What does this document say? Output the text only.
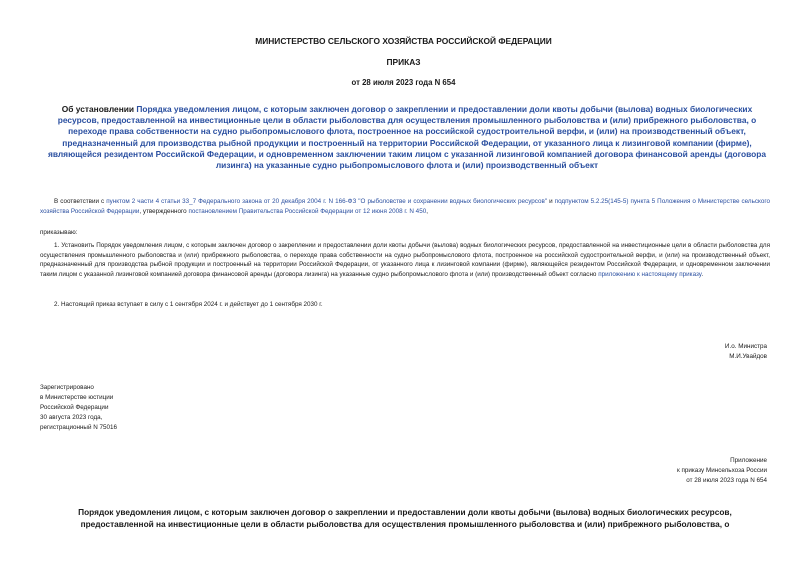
МИНИСТЕРСТВО СЕЛЬСКОГО ХОЗЯЙСТВА РОССИЙСКОЙ ФЕДЕРАЦИИ
ПРИКАЗ
от 28 июля 2023 года N 654
Об установлении Порядка уведомления лицом, с которым заключен договор о закреплении и предоставлении доли квоты добычи (вылова) водных биологических ресурсов, предоставленной на инвестиционные цели в области рыболовства для осуществления промышленного рыболовства и (или) прибрежного рыболовства, о переходе права собственности на судно рыбопромыслового флота, построенное на российской судостроительной верфи, и (или) на производственный объект, предназначенный для производства рыбной продукции и построенный на территории Российской Федерации, от указанного лица к лизинговой компании (фирме), являющейся резидентом Российской Федерации, и одновременном заключении таким лицом с указанной лизинговой компанией договора финансовой аренды (договора лизинга) на указанные судно рыбопромыслового флота и (или) производственный объект
В соответствии с пунктом 2 части 4 статьи 33_7 Федерального закона от 20 декабря 2004 г. N 166-ФЗ "О рыболовстве и сохранении водных биологических ресурсов" и подпунктом 5.2.25(145-5) пункта 5 Положения о Министерстве сельского хозяйства Российской Федерации, утвержденного постановлением Правительства Российской Федерации от 12 июня 2008 г. N 450,
приказываю:
1. Установить Порядок уведомления лицом, с которым заключен договор о закреплении и предоставлении доли квоты добычи (вылова) водных биологических ресурсов, предоставленной на инвестиционные цели в области рыболовства для осуществления промышленного рыболовства и (или) прибрежного рыболовства, о переходе права собственности на судно рыбопромыслового флота, построенное на российской судостроительной верфи, и (или) на производственный объект, предназначенный для производства рыбной продукции и построенный на территории Российской Федерации, от указанного лица к лизинговой компании (фирме), являющейся резидентом Российской Федерации, и одновременном заключении таким лицом с указанной лизинговой компанией договора финансовой аренды (договора лизинга) на указанные судно рыбопромыслового флота и (или) производственный объект согласно приложению к настоящему приказу.
2. Настоящий приказ вступает в силу с 1 сентября 2024 г. и действует до 1 сентября 2030 г.
И.о. Министра
М.И.Увайдов
Зарегистрировано
в Министерстве юстиции
Российской Федерации
30 августа 2023 года,
регистрационный N 75016
Приложение
к приказу Минсельхоза России
от 28 июля 2023 года N 654
Порядок уведомления лицом, с которым заключен договор о закреплении и предоставлении доли квоты добычи (вылова) водных биологических ресурсов,
предоставленной на инвестиционные цели в области рыболовства для осуществления промышленного рыболовства и (или) прибрежного рыболовства, о
